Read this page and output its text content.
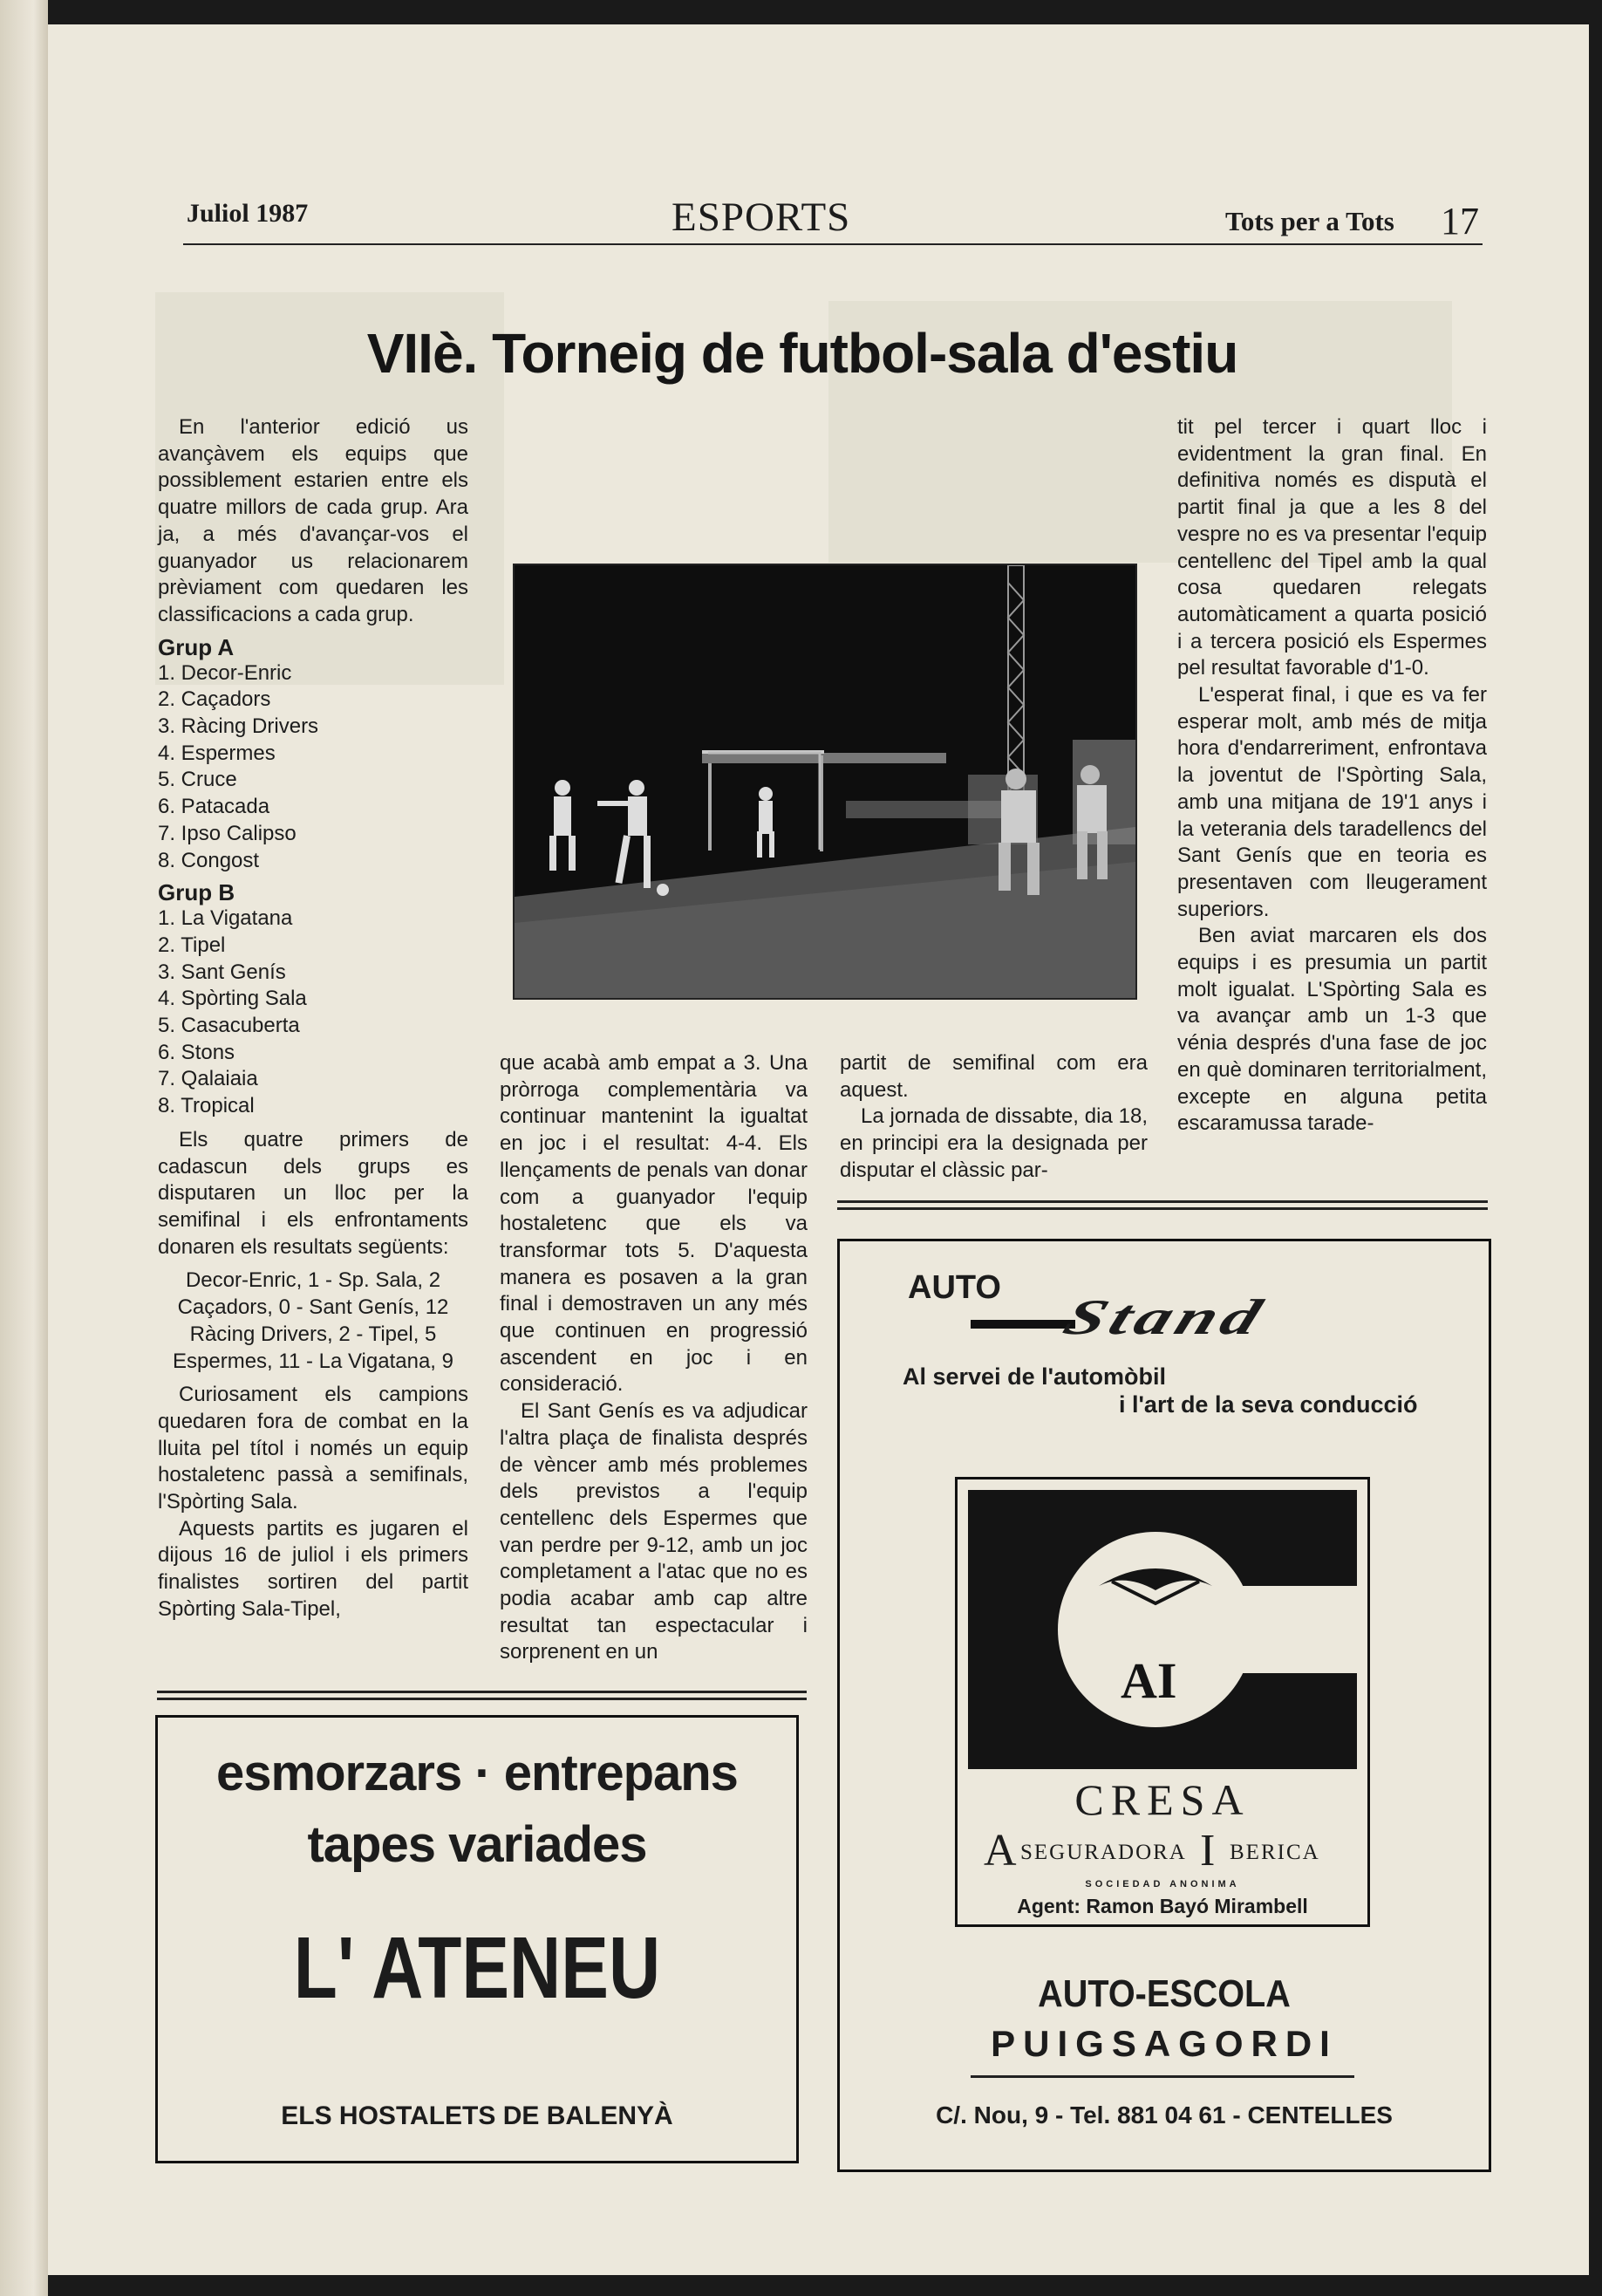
Juliol 1987	ESPORTS	Tots per a Tots 17
VIIè. Torneig de futbol-sala d'estiu

En l'anterior edició us avançàvem els equips que possiblement estarien entre els quatre millors de cada grup. Ara ja, a més d'avançar-vos el guanyador us relacionarem prèviament com quedaren les classificacions a cada grup.

Grup A
1. Decor-Enric
2. Caçadors
3. Ràcing Drivers
4. Espermes
5. Cruce
6. Patacada
7. Ipso Calipso
8. Congost
Grup B
1. La Vigatana
2. Tipel
3. Sant Genís
4. Spòrting Sala
5. Casacuberta
6. Stons
7. Qalaiaia
8. Tropical

Els quatre primers de cadascun dels grups es disputaren un lloc per la semifinal i els enfrontaments donaren els resultats següents:

Decor-Enric, 1 - Sp. Sala, 2

Caçadors, 0 - Sant Genís, 12

Ràcing Drivers, 2 - Tipel, 5

Espermes, 11 - La Vigatana, 9

Curiosament els campions quedaren fora de combat en la lluita pel títol i només un equip hostaletenc passà a semifinals, l'Spòrting Sala.

Aquests partits es jugaren el dijous 16 de juliol i els primers finalistes sortiren del partit Spòrting Sala-Tipel,

que acabà amb empat a 3. Una pròrroga complementària va continuar mantenint la igualtat en joc i el resultat: 4-4. Els llençaments de penals van donar com a guanyador l'equip hostaletenc que els va transformar tots 5. D'aquesta manera es posaven a la gran final i demostraven un any més que continuen en progressió ascendent en joc i en consideració.

El Sant Genís es va adjudicar l'altra plaça de finalista després de vèncer amb més problemes dels previstos a l'equip centellenc dels Espermes que van perdre per 9-12, amb un joc completament a l'atac que no es podia acabar amb cap altre resultat tan espectacular i sorprenent en un

partit de semifinal com era aquest.

La jornada de dissabte, dia 18, en principi era la designada per disputar el clàssic par-

tit pel tercer i quart lloc i evidentment la gran final. En definitiva només es disputà el partit final ja que a les 8 del vespre no es va presentar l'equip centellenc del Tipel amb la qual cosa quedaren relegats automàticament a quarta posició i a tercera posició els Espermes pel resultat favorable d'1-0.

L'esperat final, i que es va fer esperar molt, amb més de mitja hora d'endarreriment, enfrontava la joventut de l'Spòrting Sala, amb una mitjana de 19'1 anys i la veterania dels taradellencs del Sant Genís que en teoria es presentaven com lleugerament superiors.

Ben aviat marcaren els dos equips i es presumia un partit molt igualat. L'Spòrting Sala es va avançar amb un 1-3 que vénia després d'una fase de joc en què dominaren territorialment, excepte en alguna petita escaramussa tarade-

esmorzars · entrepans
tapes variades
L' ATENEU
ELS HOSTALETS DE BALENYÀ
AUTO
Stand
Al servei de l'automòbil
i l'art de la seva conducció
AI
CRESA
A SEGURADORA I BERICA
SOCIEDAD ANONIMA
Agent: Ramon Bayó Mirambell
AUTO-ESCOLA
PUIGSAGORDI
C/. Nou, 9 - Tel. 881 04 61 - CENTELLES
